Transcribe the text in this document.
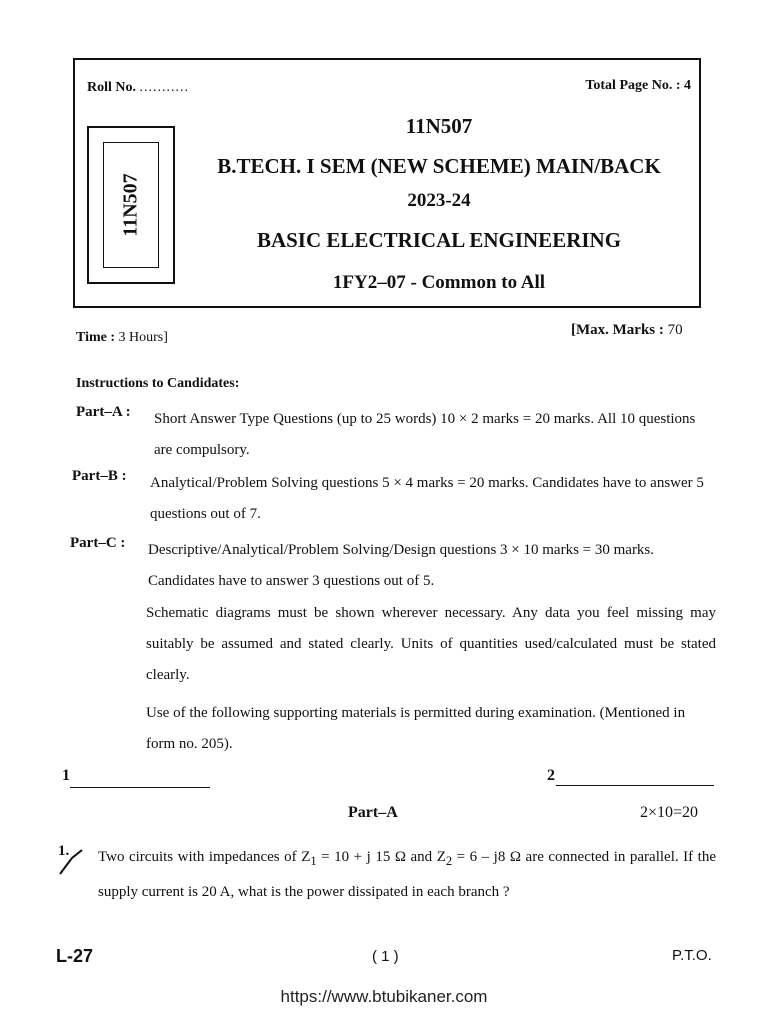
Roll No. ...........	Total Page No. : 4
11N507
11N507
B.TECH. I SEM (NEW SCHEME) MAIN/BACK
2023-24
BASIC ELECTRICAL ENGINEERING
1FY2–07 - Common to All
Time : 3 Hours]	[Max. Marks : 70
Instructions to Candidates:
Part–A : Short Answer Type Questions (up to 25 words) 10 × 2 marks = 20 marks. All 10 questions are compulsory.
Part–B : Analytical/Problem Solving questions 5 × 4 marks = 20 marks. Candidates have to answer 5 questions out of 7.
Part–C : Descriptive/Analytical/Problem Solving/Design questions 3 × 10 marks = 30 marks. Candidates have to answer 3 questions out of 5.
Schematic diagrams must be shown wherever necessary. Any data you feel missing may suitably be assumed and stated clearly. Units of quantities used/calculated must be stated clearly.
Use of the following supporting materials is permitted during examination. (Mentioned in form no. 205).
1	2
Part–A	2×10=20
1. Two circuits with impedances of $Z_1 = 10 + j$ 15 Ω and $Z_2 = 6 - j8$ Ω are connected in parallel. If the supply current is 20 A, what is the power dissipated in each branch ?
L-27	( 1 )	P.T.O.
https://www.btubikaner.com
